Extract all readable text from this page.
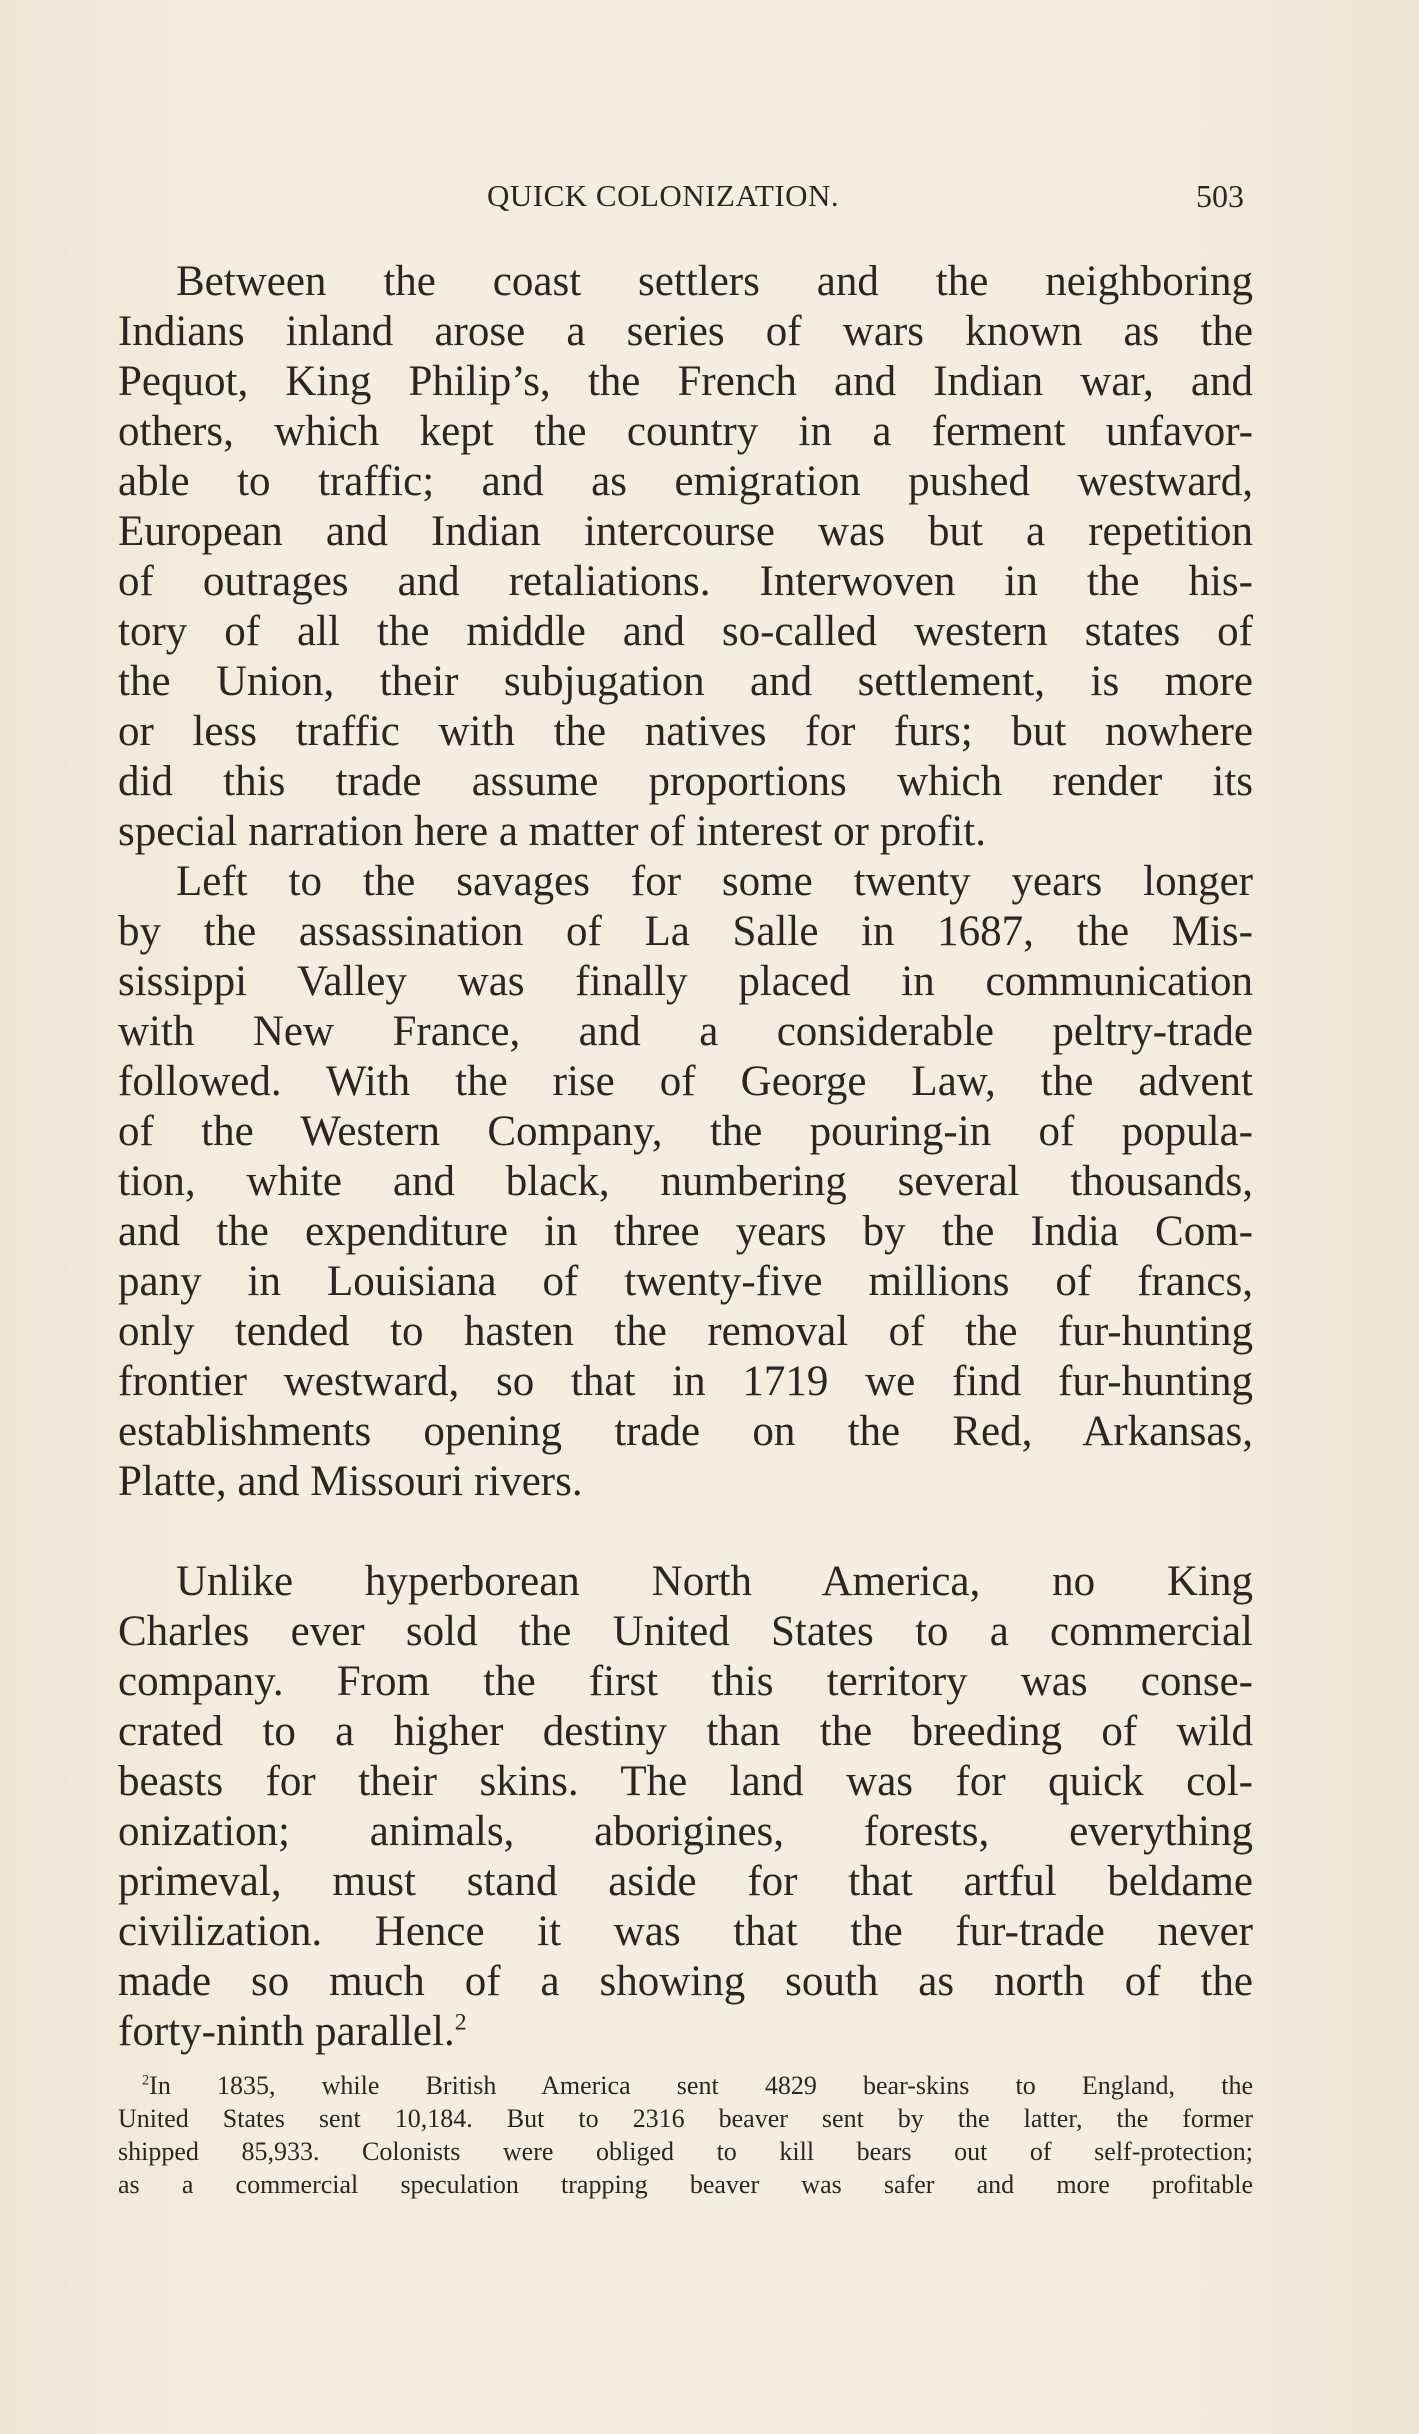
QUICK COLONIZATION.	503
Between the coast settlers and the neighboring
Indians inland arose a series of wars known as the
Pequot, King Philip’s, the French and Indian war, and
others, which kept the country in a ferment unfavor-
able to traffic; and as emigration pushed westward,
European and Indian intercourse was but a repetition
of outrages and retaliations. Interwoven in the his-
tory of all the middle and so-called western states of
the Union, their subjugation and settlement, is more
or less traffic with the natives for furs; but nowhere
did this trade assume proportions which render its
special narration here a matter of interest or profit.
Left to the savages for some twenty years longer
by the assassination of La Salle in 1687, the Mis-
sissippi Valley was finally placed in communication
with New France, and a considerable peltry-trade
followed. With the rise of George Law, the advent
of the Western Company, the pouring-in of popula-
tion, white and black, numbering several thousands,
and the expenditure in three years by the India Com-
pany in Louisiana of twenty-five millions of francs,
only tended to hasten the removal of the fur-hunting
frontier westward, so that in 1719 we find fur-hunting
establishments opening trade on the Red, Arkansas,
Platte, and Missouri rivers.
Unlike hyperborean North America, no King
Charles ever sold the United States to a commercial
company. From the first this territory was conse-
crated to a higher destiny than the breeding of wild
beasts for their skins. The land was for quick col-
onization; animals, aborigines, forests, everything
primeval, must stand aside for that artful beldame
civilization. Hence it was that the fur-trade never
made so much of a showing south as north of the
forty-ninth parallel.$^2$
$^2$In 1835, while British America sent 4829 bear-skins to England, the
United States sent 10,184. But to 2316 beaver sent by the latter, the former
shipped 85,933. Colonists were obliged to kill bears out of self-protection;
as a commercial speculation trapping beaver was safer and more profitable
